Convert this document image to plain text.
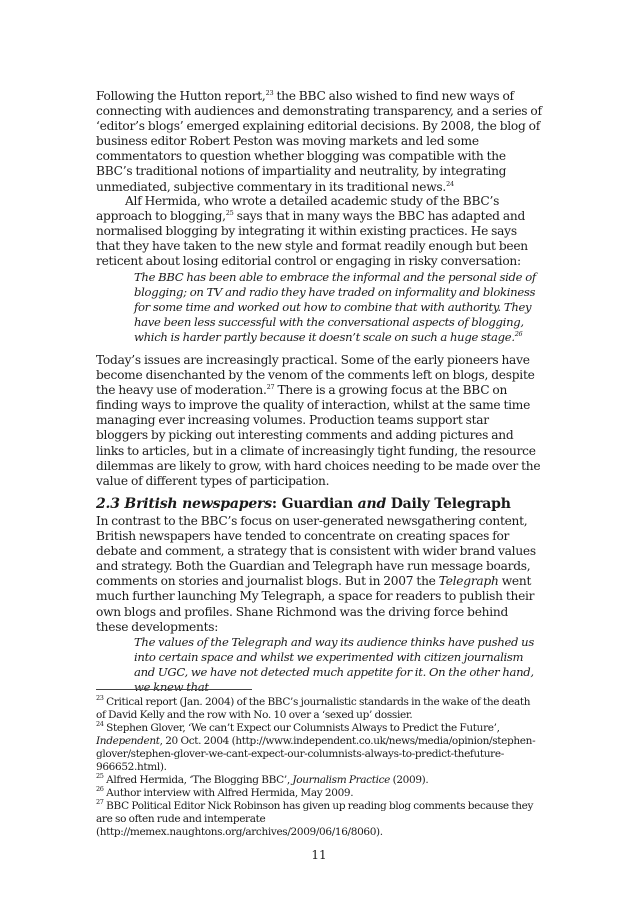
Following the Hutton report,$^{23}$ the BBC also wished to find new ways of connecting with audiences and demonstrating transparency, and a series of ‘editor’s blogs’ emerged explaining editorial decisions. By 2008, the blog of business editor Robert Peston was moving markets and led some commentators to question whether blogging was compatible with the BBC’s traditional notions of impartiality and neutrality, by integrating unmediated, subjective commentary in its traditional news.$^{24}$

Alf Hermida, who wrote a detailed academic study of the BBC’s approach to blogging,$^{25}$ says that in many ways the BBC has adapted and normalised blogging by integrating it within existing practices. He says that they have taken to the new style and format readily enough but been reticent about losing editorial control or engaging in risky conversation:

The BBC has been able to embrace the informal and the personal side of blogging; on TV and radio they have traded on informality and blokiness for some time and worked out how to combine that with authority. They have been less successful with the conversational aspects of blogging, which is harder partly because it doesn’t scale on such a huge stage.$^{26}$

Today’s issues are increasingly practical. Some of the early pioneers have become disenchanted by the venom of the comments left on blogs, despite the heavy use of moderation.$^{27}$ There is a growing focus at the BBC on finding ways to improve the quality of interaction, whilst at the same time managing ever increasing volumes. Production teams support star bloggers by picking out interesting comments and adding pictures and links to articles, but in a climate of increasingly tight funding, the resource dilemmas are likely to grow, with hard choices needing to be made over the value of different types of participation.

2.3 British newspapers: Guardian and Daily Telegraph

In contrast to the BBC’s focus on user-generated newsgathering content, British newspapers have tended to concentrate on creating spaces for debate and comment, a strategy that is consistent with wider brand values and strategy. Both the Guardian and Telegraph have run message boards, comments on stories and journalist blogs. But in 2007 the Telegraph went much further launching My Telegraph, a space for readers to publish their own blogs and profiles. Shane Richmond was the driving force behind these developments:

The values of the Telegraph and way its audience thinks have pushed us into certain space and whilst we experimented with citizen journalism and UGC, we have not detected much appetite for it. On the other hand, we knew that

$^{23}$ Critical report (Jan. 2004) of the BBC’s journalistic standards in the wake of the death of David Kelly and the row with No. 10 over a ‘sexed up’ dossier.

$^{24}$ Stephen Glover, ‘We can’t Expect our Columnists Always to Predict the Future’, Independent, 20 Oct. 2004 (http://www.independent.co.uk/news/media/opinion/stephen-glover/stephen-glover-we-cant-expect-our-columnists-always-to-predict-thefuture-966652.html).

$^{25}$ Alfred Hermida, ‘The Blogging BBC’, Journalism Practice (2009).

$^{26}$ Author interview with Alfred Hermida, May 2009.

$^{27}$ BBC Political Editor Nick Robinson has given up reading blog comments because they are so often rude and intemperate (http://memex.naughtons.org/archives/2009/06/16/8060).

11
